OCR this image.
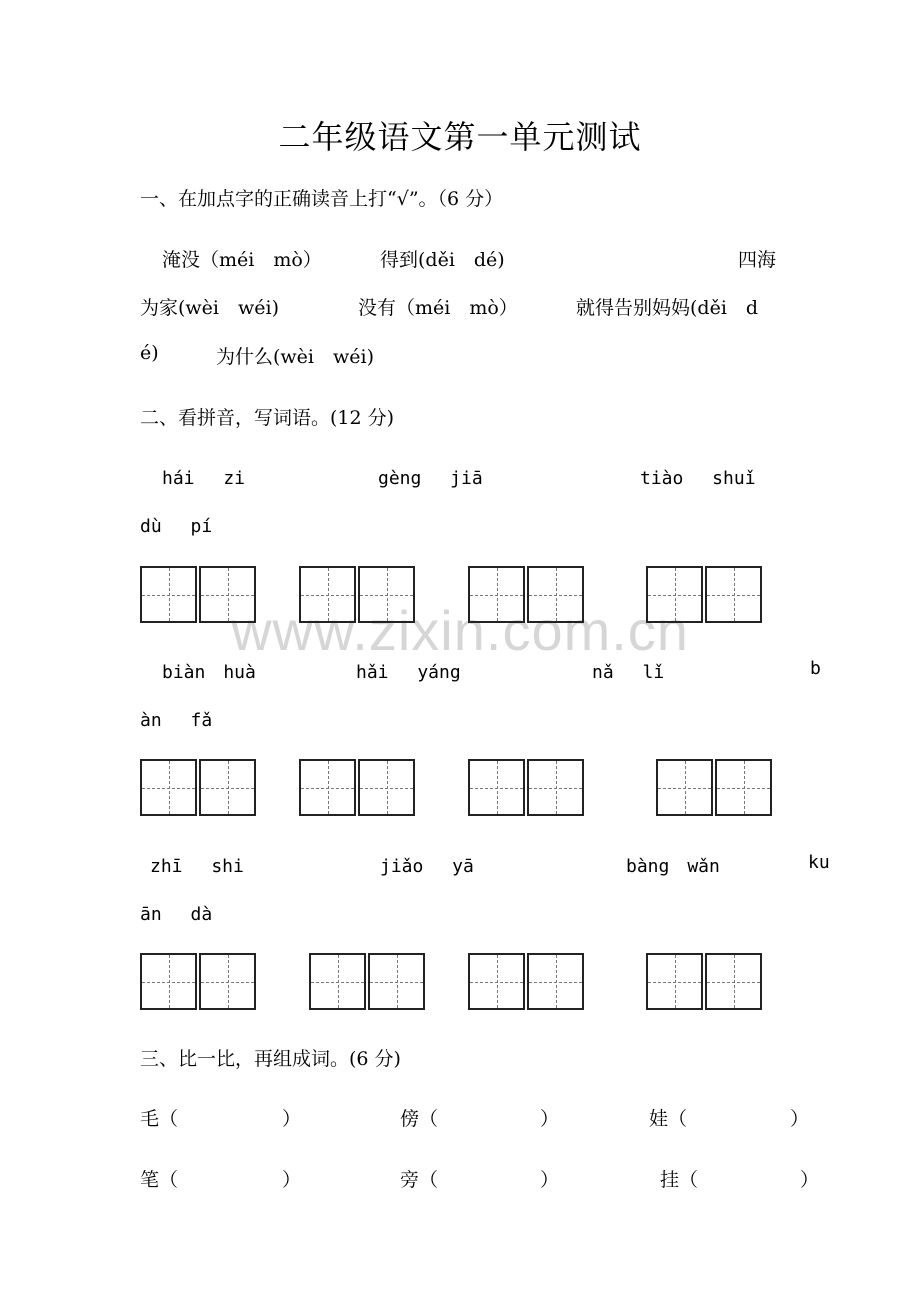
www.zixin.com.cn
二年级语文第一单元测试
一、在加点字的正确读音上打“√”。（6 分）
淹没（méi　mò）	得到(děi　dé)	四海
为家(wèi　wéi)	没有（méi　mò）	就得告别妈妈(děi　d
é)	为什么(wèi　wéi)
二、看拼音，写词语。(12 分)
hái　 zi	gèng　 jiā	tiào　 shuǐ
dù　 pí
biàn　huà	hǎi　 yáng	nǎ　 lǐ	b
àn　 fǎ
zhī　 shi	jiǎo　 yā	bàng　wǎn	ku
ān　 dà
三、比一比，再组成词。(6 分)
毛（	）	傍（	）	娃（	）
笔（	）	旁（	）	挂（	）
